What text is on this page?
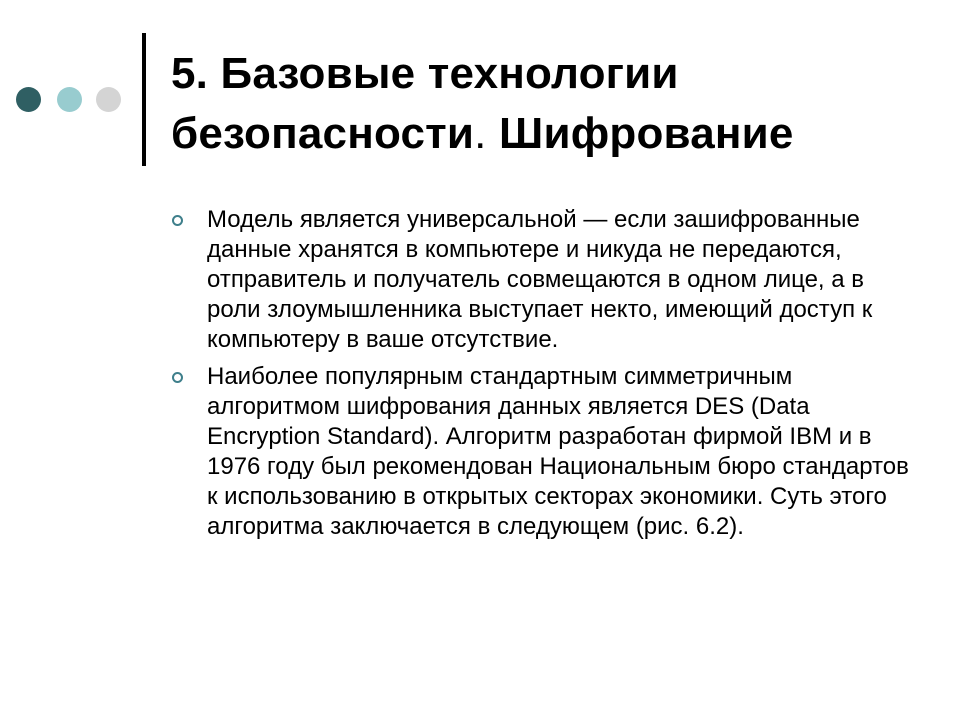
5. Базовые технологии
безопасности. Шифрование
Модель является универсальной — если зашифрованные данные хранятся в компьютере и никуда не передаются, отправитель и получатель совмещаются в одном лице, а в роли злоумышленника выступает некто, имеющий доступ к компьютеру в ваше отсутствие.
Наиболее популярным стандартным симметричным алгоритмом шифрования данных является DES (Data Encryption Standard). Алгоритм разработан фирмой IBM и в 1976 году был рекомендован Национальным бюро стандартов к использованию в открытых секторах экономики. Суть этого алгоритма заключается в следующем (рис. 6.2).
